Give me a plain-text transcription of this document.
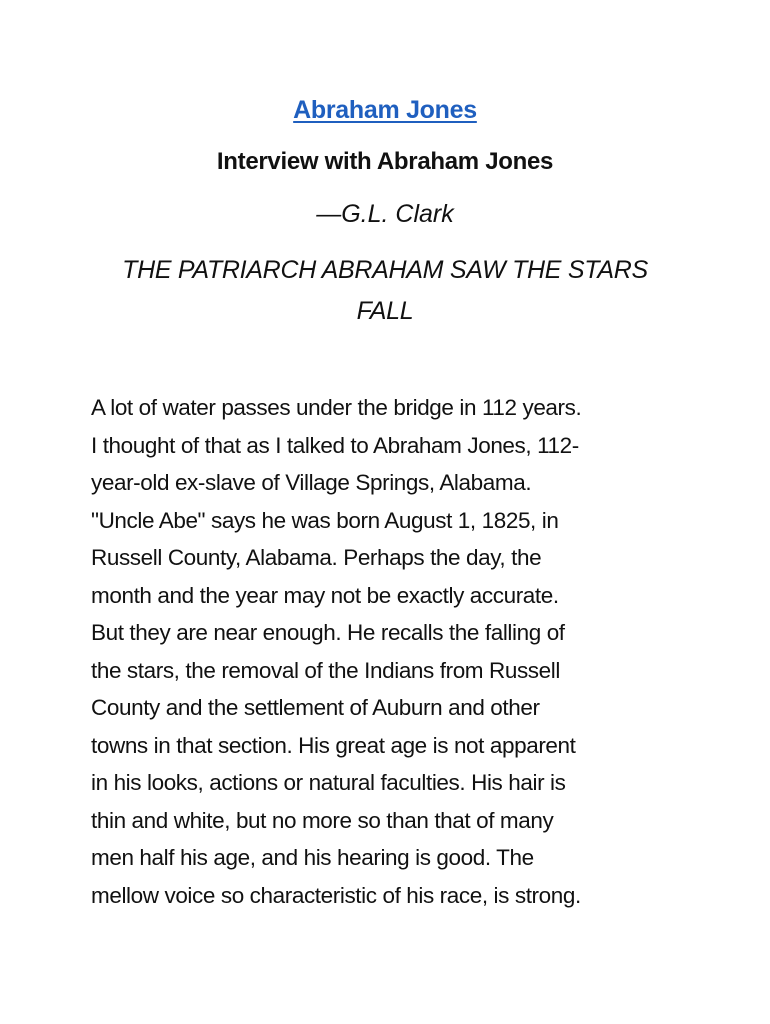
Abraham Jones
Interview with Abraham Jones
—G.L. Clark
THE PATRIARCH ABRAHAM SAW THE STARS
FALL
A lot of water passes under the bridge in 112 years.
I thought of that as I talked to Abraham Jones, 112-
year-old ex-slave of Village Springs, Alabama.
"Uncle Abe" says he was born August 1, 1825, in
Russell County, Alabama. Perhaps the day, the
month and the year may not be exactly accurate.
But they are near enough. He recalls the falling of
the stars, the removal of the Indians from Russell
County and the settlement of Auburn and other
towns in that section. His great age is not apparent
in his looks, actions or natural faculties. His hair is
thin and white, but no more so than that of many
men half his age, and his hearing is good. The
mellow voice so characteristic of his race, is strong.
